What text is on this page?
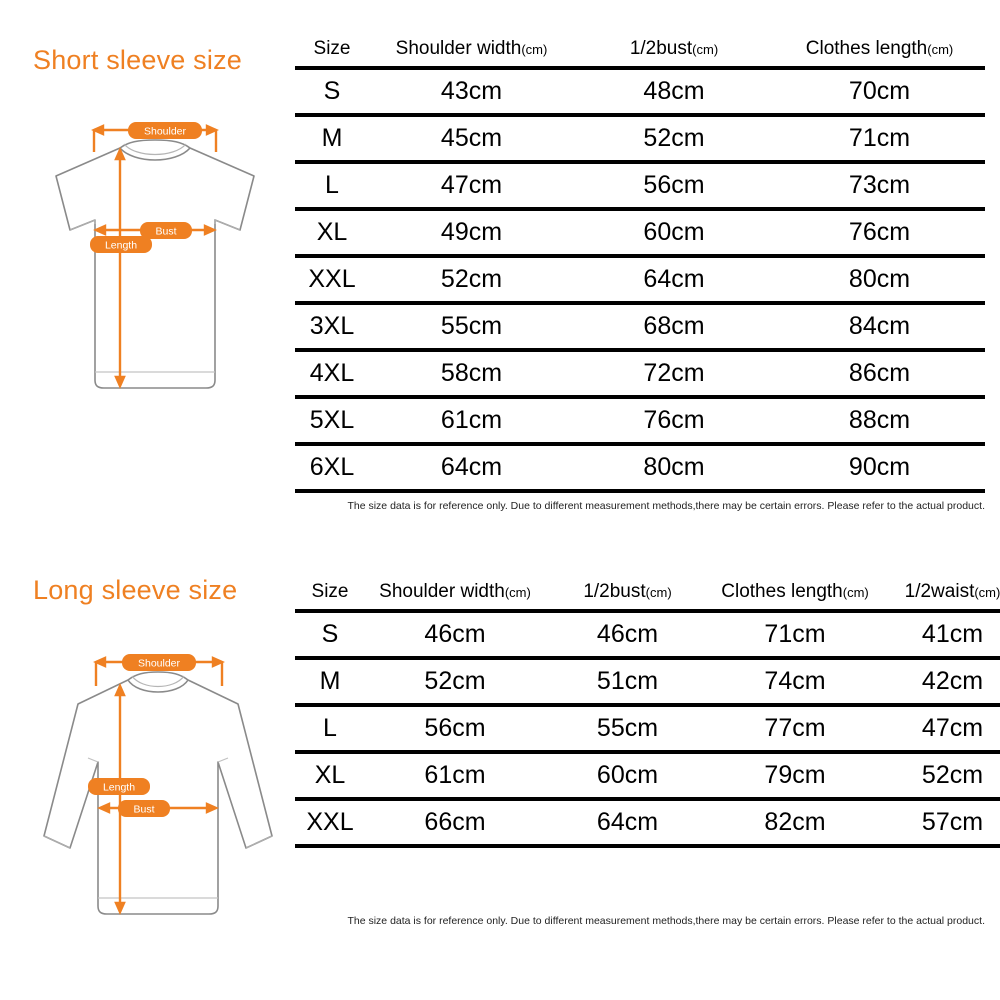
Short sleeve size
Shoulder
Bust
Length
Size	Shoulder width(cm)	1/2bust(cm)	Clothes length(cm)
S	43cm	48cm	70cm
M	45cm	52cm	71cm
L	47cm	56cm	73cm
XL	49cm	60cm	76cm
XXL	52cm	64cm	80cm
3XL	55cm	68cm	84cm
4XL	58cm	72cm	86cm
5XL	61cm	76cm	88cm
6XL	64cm	80cm	90cm
The size data is for reference only. Due to different measurement methods,there may be certain errors. Please refer to the actual product.
Long sleeve size
Shoulder
Length
Bust
Size	Shoulder width(cm)	1/2bust(cm)	Clothes length(cm)	1/2waist(cm)
S	46cm	46cm	71cm	41cm
M	52cm	51cm	74cm	42cm
L	56cm	55cm	77cm	47cm
XL	61cm	60cm	79cm	52cm
XXL	66cm	64cm	82cm	57cm
The size data is for reference only. Due to different measurement methods,there may be certain errors. Please refer to the actual product.
